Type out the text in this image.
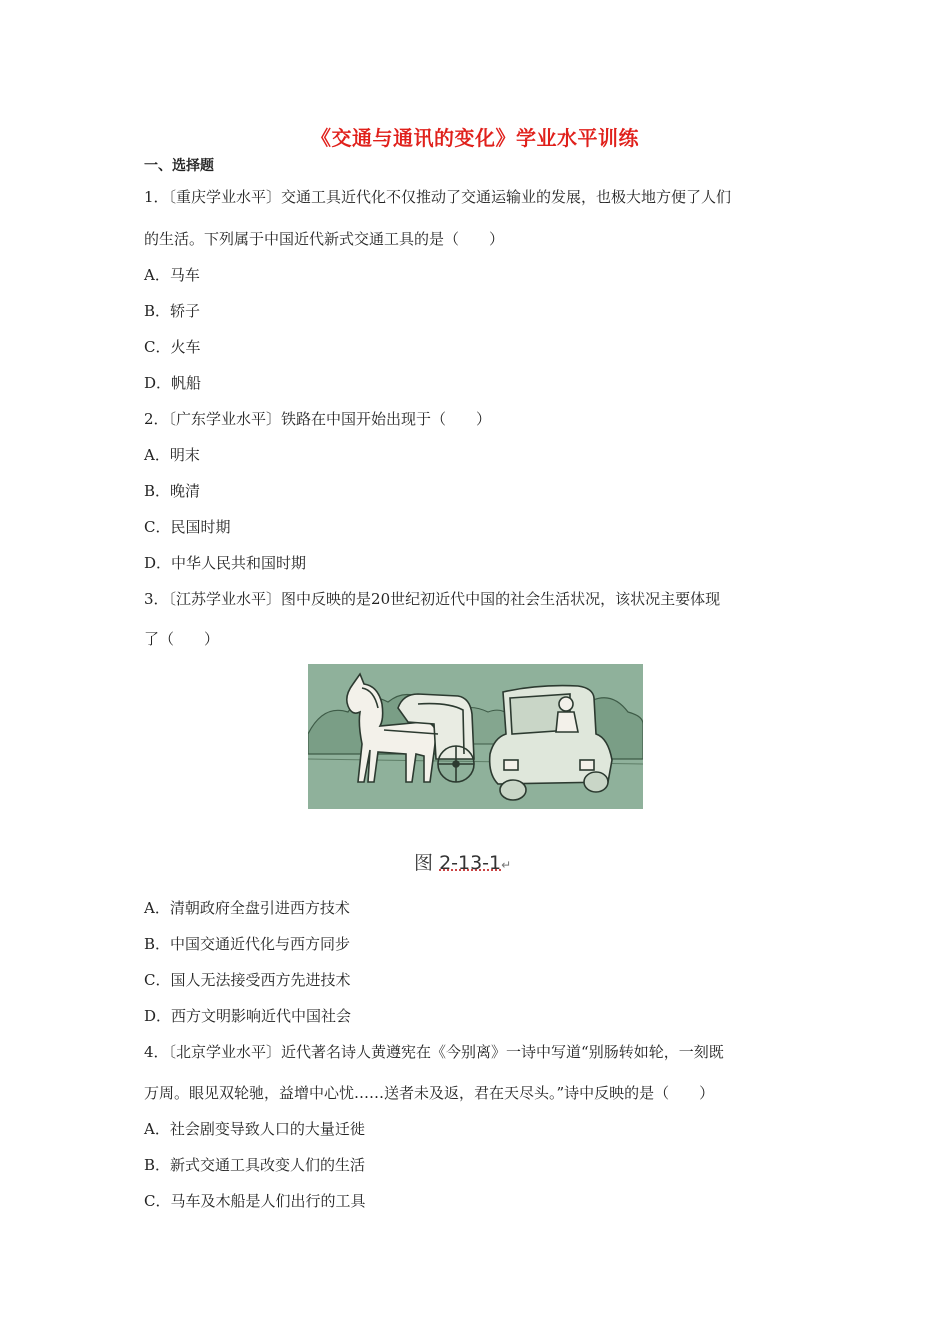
《交通与通讯的变化》学业水平训练
一、选择题
1．〔重庆学业水平〕交通工具近代化不仅推动了交通运输业的发展，也极大地方便了人们
的生活。下列属于中国近代新式交通工具的是（　　）
A．马车
B．轿子
C．火车
D．帆船
2．〔广东学业水平〕铁路在中国开始出现于（　　）
A．明末
B．晚清
C．民国时期
D．中华人民共和国时期
3．〔江苏学业水平〕图中反映的是20世纪初近代中国的社会生活状况，该状况主要体现
了（　　）
图 2-13-1↵
A．清朝政府全盘引进西方技术
B．中国交通近代化与西方同步
C．国人无法接受西方先进技术
D．西方文明影响近代中国社会
4．〔北京学业水平〕近代著名诗人黄遵宪在《今别离》一诗中写道“别肠转如轮，一刻既
万周。眼见双轮驰，益增中心忧……送者未及返，君在天尽头。”诗中反映的是（　　）
A．社会剧变导致人口的大量迁徙
B．新式交通工具改变人们的生活
C．马车及木船是人们出行的工具
